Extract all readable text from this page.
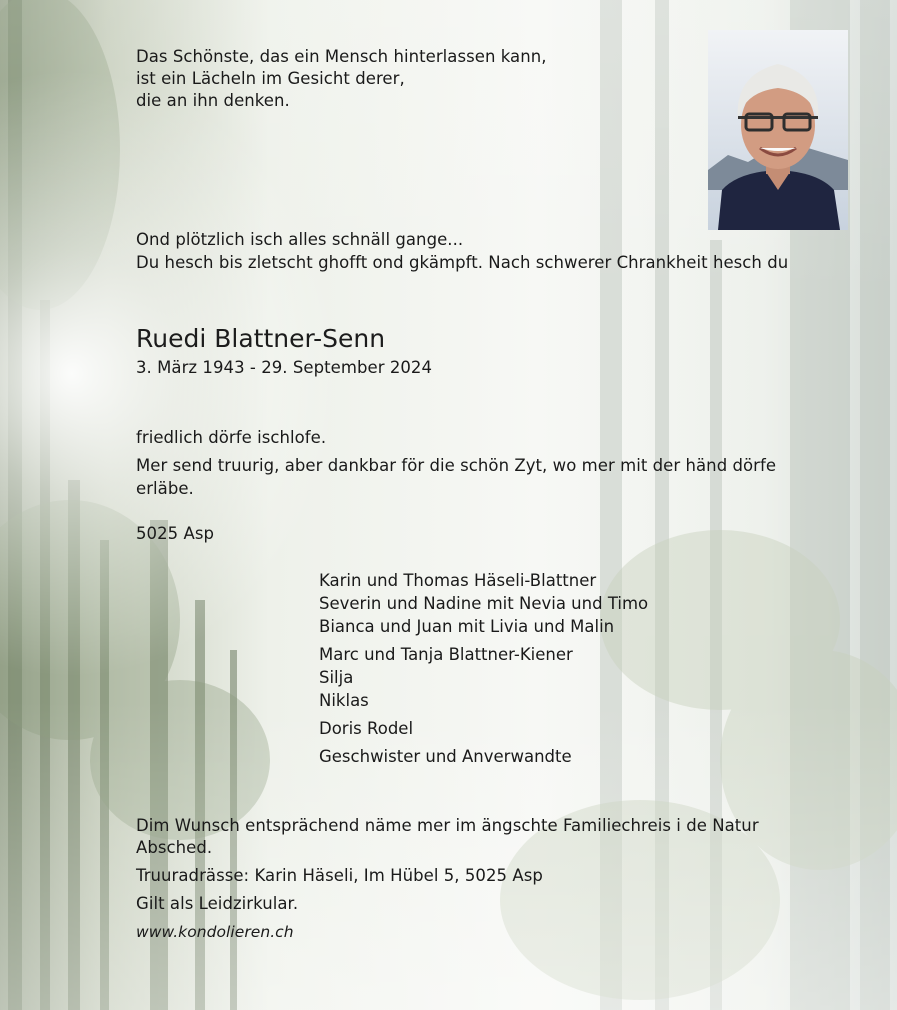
Das Schönste, das ein Mensch hinterlassen kann,
ist ein Lächeln im Gesicht derer,
die an ihn denken.
Ond plötzlich isch alles schnäll gange...
Du hesch bis zletscht ghofft ond gkämpft. Nach schwerer Chrankheit hesch du
Ruedi Blattner-Senn
3. März 1943 - 29. September 2024
friedlich dörfe ischlofe.
Mer send truurig, aber dankbar för die schön Zyt, wo mer mit der händ dörfe
erläbe.
5025 Asp
Karin und Thomas Häseli-Blattner
Severin und Nadine mit Nevia und Timo
Bianca und Juan mit Livia und Malin
Marc und Tanja Blattner-Kiener
Silja
Niklas
Doris Rodel
Geschwister und Anverwandte
Dim Wunsch entsprächend näme mer im ängschte Familiechreis i de Natur
Absched.
Truuradrässe: Karin Häseli, Im Hübel 5, 5025 Asp
Gilt als Leidzirkular.
www.kondolieren.ch
